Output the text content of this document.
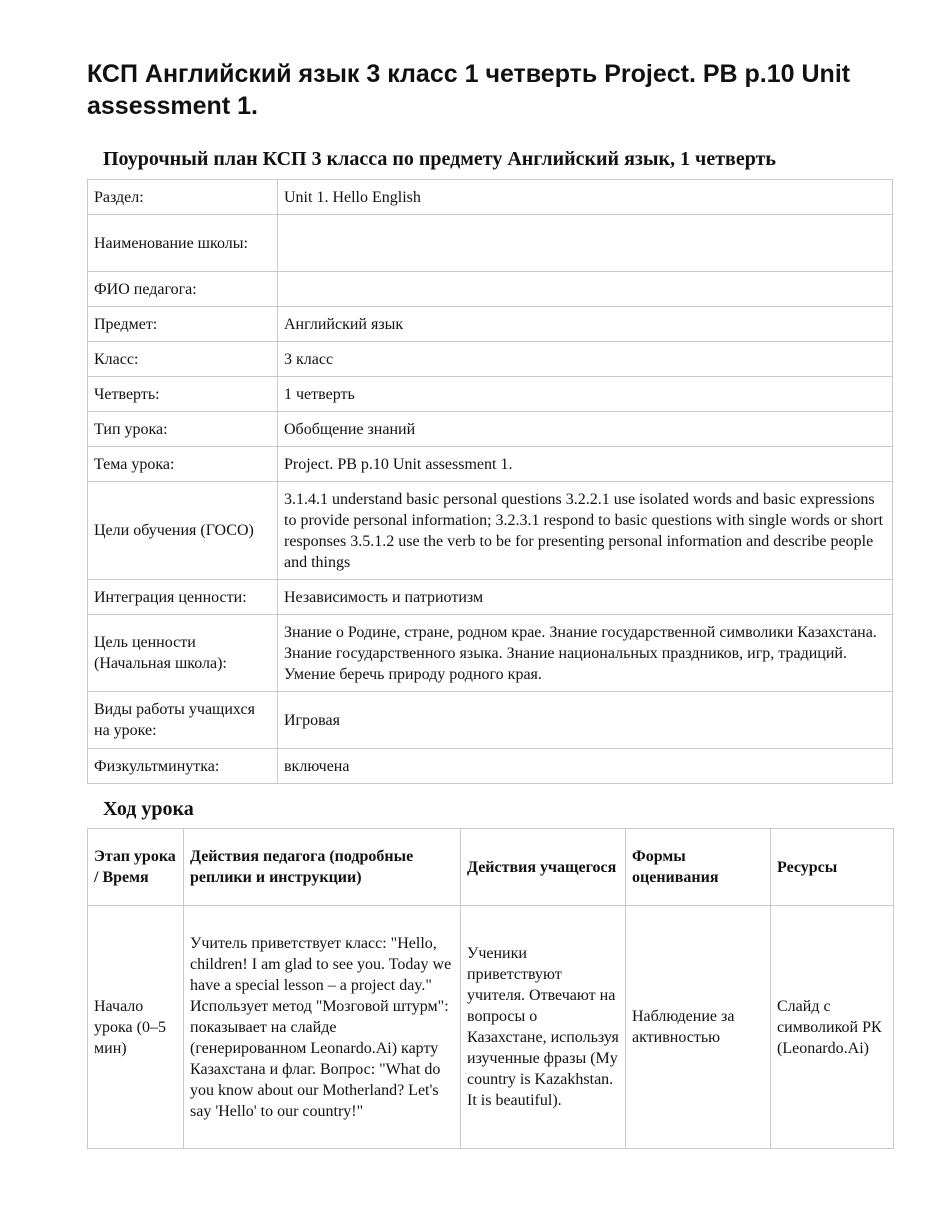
КСП Английский язык 3 класс 1 четверть Project. PB p.10 Unit assessment 1.
Поурочный план КСП 3 класса по предмету Английский язык, 1 четверть
Раздел:	Unit 1. Hello English
Наименование школы:	
ФИО педагога:	
Предмет:	Английский язык
Класс:	3 класс
Четверть:	1 четверть
Тип урока:	Обобщение знаний
Тема урока:	Project. PB p.10 Unit assessment 1.
Цели обучения (ГОСО)	3.1.4.1 understand basic personal questions 3.2.2.1 use isolated words and basic expressions to provide personal information; 3.2.3.1 respond to basic questions with single words or short responses 3.5.1.2 use the verb to be for presenting personal information and describe people and things
Интеграция ценности:	Независимость и патриотизм
Цель ценности (Начальная школа):	Знание о Родине, стране, родном крае. Знание государственной символики Казахстана. Знание государственного языка. Знание национальных праздников, игр, традиций. Умение беречь природу родного края.
Виды работы учащихся на уроке:	Игровая
Физкультминутка:	включена
Ход урока
Этап урока / Время	Действия педагога (подробные реплики и инструкции)	Действия учащегося	Формы оценивания	Ресурсы
Начало урока (0–5 мин)	Учитель приветствует класс: "Hello, children! I am glad to see you. Today we have a special lesson – a project day." Использует метод "Мозговой штурм": показывает на слайде (генерированном Leonardo.Ai) карту Казахстана и флаг. Вопрос: "What do you know about our Motherland? Let's say 'Hello' to our country!"	Ученики приветствуют учителя. Отвечают на вопросы о Казахстане, используя изученные фразы (My country is Kazakhstan. It is beautiful).	Наблюдение за активностью	Слайд с символикой РК (Leonardo.Ai)
